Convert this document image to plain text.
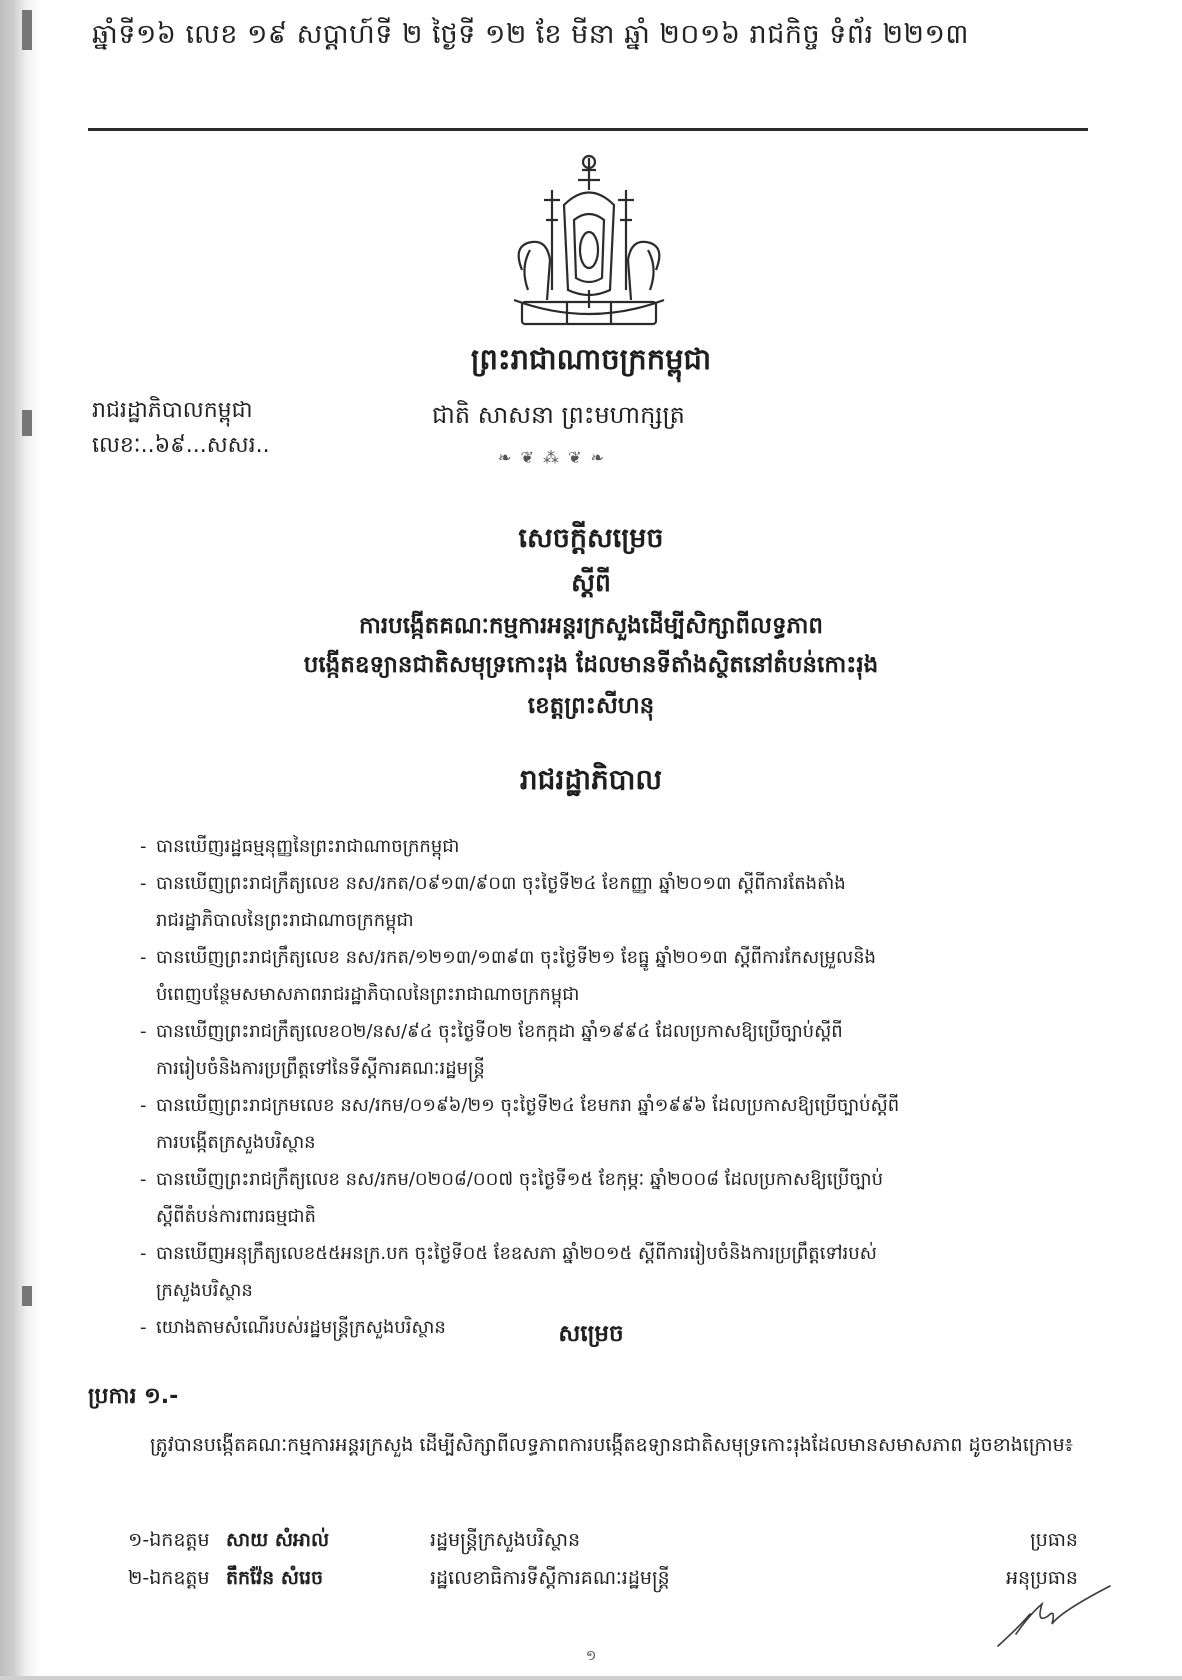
ឆ្នាំទី១៦ លេខ ១៩ សប្តាហ៍ទី ២ ថ្ងៃទី ១២ ខែ មីនា ឆ្នាំ ២០១៦ រាជកិច្ច ទំព័រ ២២១៣
ព្រះរាជាណាចក្រកម្ពុជា
ជាតិ សាសនា ព្រះមហាក្សត្រ
❧ ❦ ⁂ ❦ ❧
រាជរដ្ឋាភិបាលកម្ពុជា
លេខៈ..៦៩...សសរ..
សេចក្តីសម្រេច
ស្តីពី
ការបង្កើតគណៈកម្មការអន្តរក្រសួងដើម្បីសិក្សាពីលទ្ធភាព
បង្កើតឧទ្យានជាតិសមុទ្រកោះរុង ដែលមានទីតាំងស្ថិតនៅតំបន់កោះរុង
ខេត្តព្រះសីហនុ
រាជរដ្ឋាភិបាល
- បានឃើញរដ្ឋធម្មនុញ្ញនៃព្រះរាជាណាចក្រកម្ពុជា
- បានឃើញព្រះរាជក្រឹត្យលេខ នស/រកត/០៩១៣/៩០៣ ចុះថ្ងៃទី២៤ ខែកញ្ញា ឆ្នាំ២០១៣ ស្តីពីការតែងតាំង
រាជរដ្ឋាភិបាលនៃព្រះរាជាណាចក្រកម្ពុជា
- បានឃើញព្រះរាជក្រឹត្យលេខ នស/រកត/១២១៣/១៣៩៣ ចុះថ្ងៃទី២១ ខែធ្នូ ឆ្នាំ២០១៣ ស្តីពីការកែសម្រួលនិង
បំពេញបន្ថែមសមាសភាពរាជរដ្ឋាភិបាលនៃព្រះរាជាណាចក្រកម្ពុជា
- បានឃើញព្រះរាជក្រឹត្យលេខ០២/នស/៩៤ ចុះថ្ងៃទី០២ ខែកក្កដា ឆ្នាំ១៩៩៤ ដែលប្រកាសឱ្យប្រើច្បាប់ស្តីពី
ការរៀបចំនិងការប្រព្រឹត្តទៅនៃទីស្តីការគណៈរដ្ឋមន្ត្រី
- បានឃើញព្រះរាជក្រមលេខ នស/រកម/០១៩៦/២១ ចុះថ្ងៃទី២៤ ខែមករា ឆ្នាំ១៩៩៦ ដែលប្រកាសឱ្យប្រើច្បាប់ស្តីពី
ការបង្កើតក្រសួងបរិស្ថាន
- បានឃើញព្រះរាជក្រឹត្យលេខ នស/រកម/០២០៨/០០៧ ចុះថ្ងៃទី១៥ ខែកុម្ភៈ ឆ្នាំ២០០៨ ដែលប្រកាសឱ្យប្រើច្បាប់
ស្តីពីតំបន់ការពារធម្មជាតិ
- បានឃើញអនុក្រឹត្យលេខ៥៥អនក្រ.បក ចុះថ្ងៃទី០៥ ខែឧសភា ឆ្នាំ២០១៥ ស្តីពីការរៀបចំនិងការប្រព្រឹត្តទៅរបស់
ក្រសួងបរិស្ថាន
- យោងតាមសំណើរបស់រដ្ឋមន្ត្រីក្រសួងបរិស្ថាន	សម្រេច
ប្រការ ១.-
ត្រូវបានបង្កើតគណៈកម្មការអន្តរក្រសួង ដើម្បីសិក្សាពីលទ្ធភាពការបង្កើតឧទ្យានជាតិសមុទ្រកោះរុងដែលមានសមាសភាព ដូចខាងក្រោម៖
១-ឯកឧត្តម សាយ សំអាល់	រដ្ឋមន្ត្រីក្រសួងបរិស្ថាន	ប្រធាន
២-ឯកឧត្តម តឹកវ៉ែន សំរេច	រដ្ឋលេខាធិការទីស្តីការគណៈរដ្ឋមន្ត្រី	អនុប្រធាន
១
